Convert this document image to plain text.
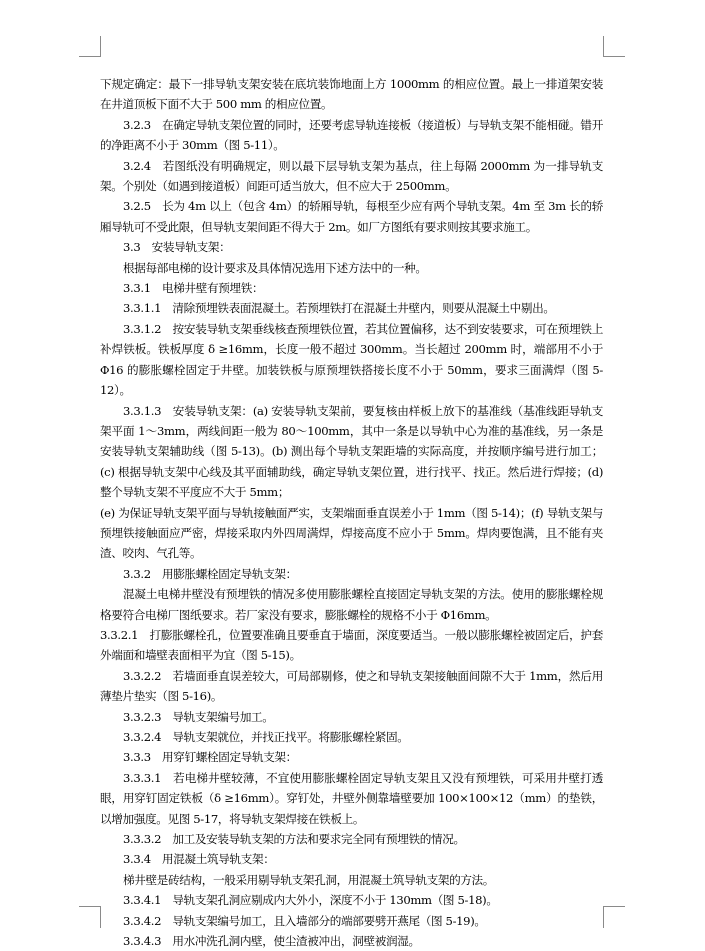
下规定确定：最下一排导轨支架安装在底坑装饰地面上方 1000mm 的相应位置。最上一排道架安装在井道顶板下面不大于 500 mm 的相应位置。

3.2.3　在确定导轨支架位置的同时，还要考虑导轨连接板（接道板）与导轨支架不能相碰。错开的净距离不小于 30mm（图 5-11）。

3.2.4　若图纸没有明确规定，则以最下层导轨支架为基点，往上每隔 2000mm 为一排导轨支架。个别处（如遇到接道板）间距可适当放大，但不应大于 2500mm。

3.2.5　长为 4m 以上（包含 4m）的轿厢导轨，每根至少应有两个导轨支架。4m 至 3m 长的轿厢导轨可不受此限，但导轨支架间距不得大于 2m。如厂方图纸有要求则按其要求施工。

3.3　安装导轨支架：

根据每部电梯的设计要求及具体情况选用下述方法中的一种。

3.3.1　电梯井壁有预埋铁：

3.3.1.1　清除预埋铁表面混凝土。若预埋铁打在混凝土井壁内，则要从混凝土中剔出。

3.3.1.2　按安装导轨支架垂线核查预埋铁位置，若其位置偏移，达不到安装要求，可在预埋铁上补焊铁板。铁板厚度 δ ≥16mm，长度一般不超过 300mm。当长超过 200mm 时，端部用不小于 Φ16 的膨胀螺栓固定于井壁。加装铁板与原预埋铁搭接长度不小于 50mm，要求三面满焊（图 5-12）。

3.3.1.3　安装导轨支架：(a) 安装导轨支架前，要复核由样板上放下的基准线（基准线距导轨支架平面 1～3mm，两线间距一般为 80～100mm，其中一条是以导轨中心为准的基准线，另一条是安装导轨支架辅助线（图 5-13)。(b) 测出每个导轨支架距墙的实际高度，并按顺序编号进行加工；(c) 根据导轨支架中心线及其平面辅助线，确定导轨支架位置，进行找平、找正。然后进行焊接；(d) 整个导轨支架不平度应不大于 5mm；

(e) 为保证导轨支架平面与导轨接触面严实，支架端面垂直误差小于 1mm（图 5-14)；(f) 导轨支架与预埋铁接触面应严密，焊接采取内外四周满焊，焊接高度不应小于 5mm。焊肉要饱满，且不能有夹渣、咬肉、气孔等。

3.3.2　用膨胀螺栓固定导轨支架：

混凝土电梯井壁没有预埋铁的情况多使用膨胀螺栓直接固定导轨支架的方法。使用的膨胀螺栓规格要符合电梯厂图纸要求。若厂家没有要求，膨胀螺栓的规格不小于 Φ16mm。

3.3.2.1　打膨胀螺栓孔，位置要准确且要垂直于墙面，深度要适当。一般以膨胀螺栓被固定后，护套外端面和墙壁表面相平为宜（图 5-15)。

3.3.2.2　若墙面垂直误差较大，可局部剔修，使之和导轨支架接触面间隙不大于 1mm，然后用薄垫片垫实（图 5-16)。

3.3.2.3　导轨支架编号加工。

3.3.2.4　导轨支架就位，并找正找平。将膨胀螺栓紧固。

3.3.3　用穿钉螺栓固定导轨支架：

3.3.3.1　若电梯井壁较薄，不宜使用膨胀螺栓固定导轨支架且又没有预埋铁，可采用井壁打透眼，用穿钉固定铁板（δ ≥16mm）。穿钉处，井壁外侧靠墙壁要加 100×100×12（mm）的垫铁，以增加强度。见图 5-17，将导轨支架焊接在铁板上。

3.3.3.2　加工及安装导轨支架的方法和要求完全同有预埋铁的情况。

3.3.4　用混凝土筑导轨支架：

梯井壁是砖结构，一般采用剔导轨支架孔洞，用混凝土筑导轨支架的方法。

3.3.4.1　导轨支架孔洞应剔成内大外小，深度不小于 130mm（图 5-18)。

3.3.4.2　导轨支架编号加工，且入墙部分的端部要劈开燕尾（图 5-19)。

3.3.4.3　用水冲洗孔洞内壁，使尘渣被冲出，洞壁被润湿。
